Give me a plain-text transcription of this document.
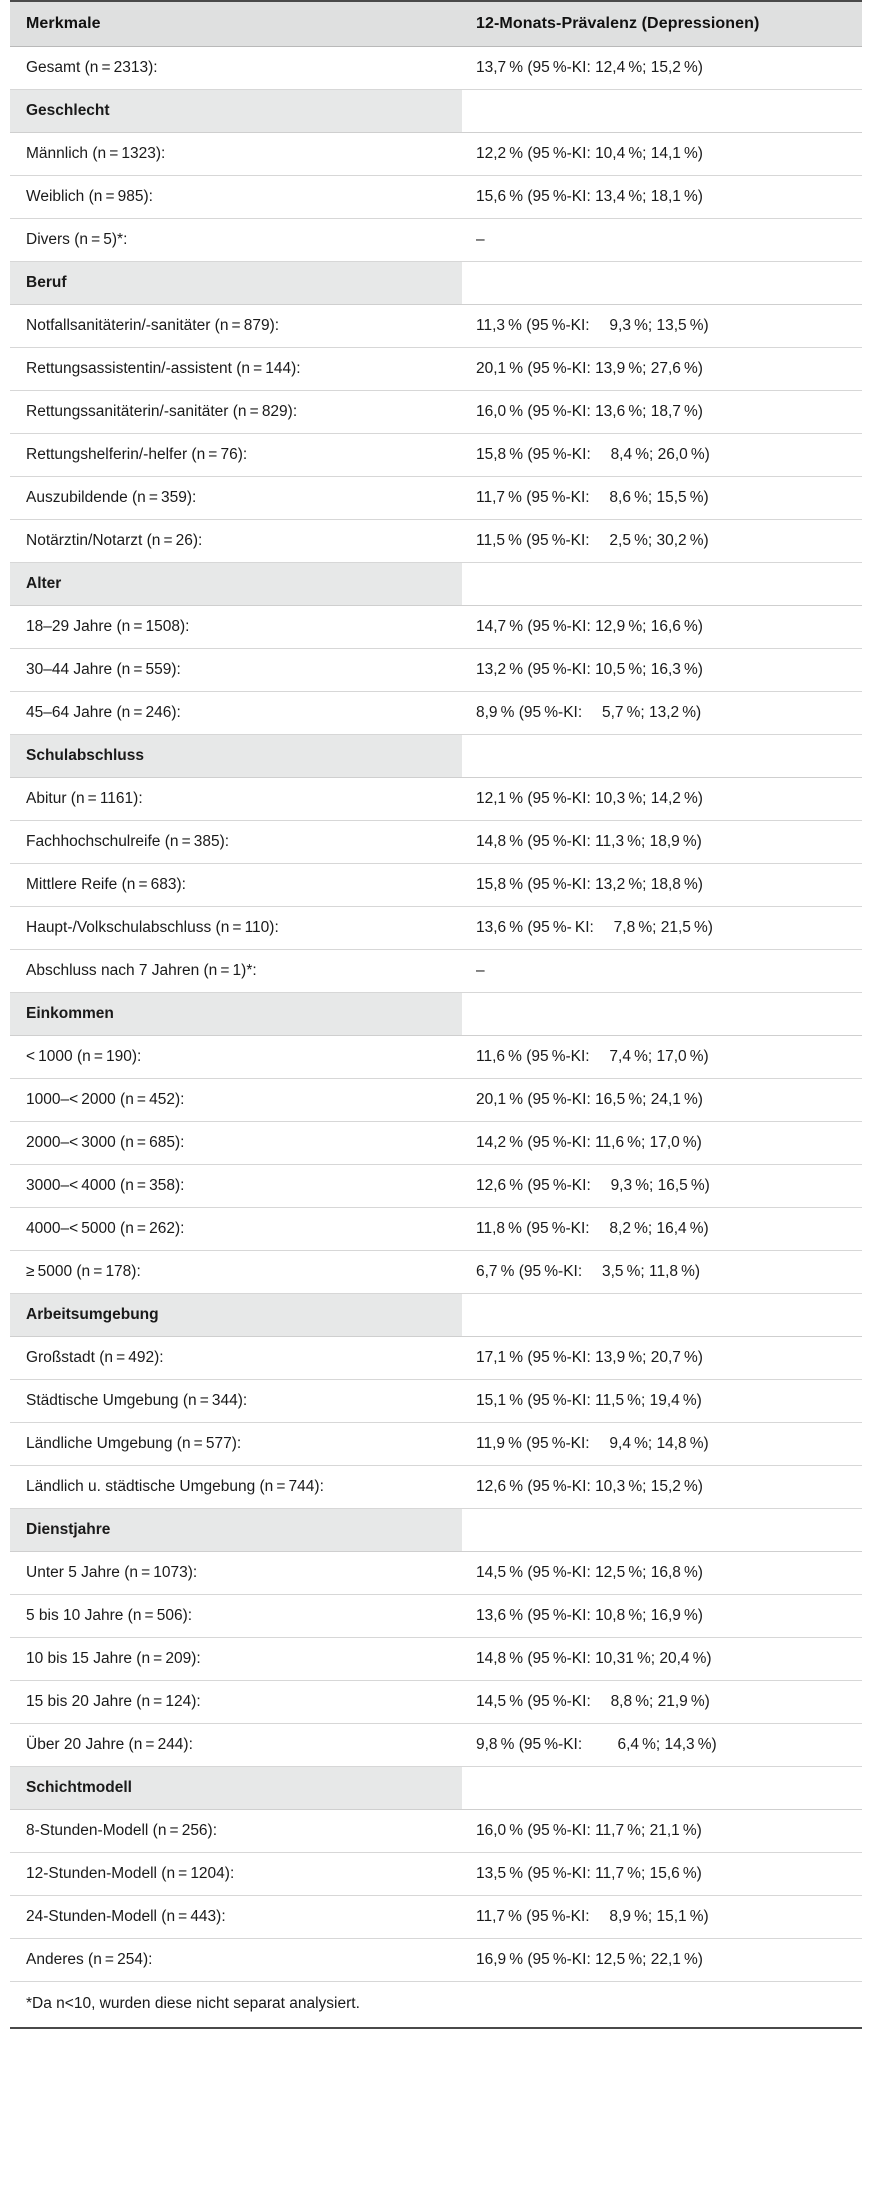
Merkmale	12-Monats-Prävalenz (Depressionen)
Gesamt (n = 2313):	13,7 % (95 %-KI: 12,4 %; 15,2 %)
Geschlecht	
Männlich (n = 1323):	12,2 % (95 %-KI: 10,4 %; 14,1 %)
Weiblich (n = 985):	15,6 % (95 %-KI: 13,4 %; 18,1 %)
Divers (n = 5)*:	–
Beruf	
Notfallsanitäterin/-sanitäter (n = 879):	11,3 % (95 %-KI:  9,3 %; 13,5 %)
Rettungsassistentin/-assistent (n = 144):	20,1 % (95 %-KI: 13,9 %; 27,6 %)
Rettungssanitäterin/-sanitäter (n = 829):	16,0 % (95 %-KI: 13,6 %; 18,7 %)
Rettungshelferin/-helfer (n = 76):	15,8 % (95 %-KI:  8,4 %; 26,0 %)
Auszubildende (n = 359):	11,7 % (95 %-KI:  8,6 %; 15,5 %)
Notärztin/Notarzt (n = 26):	11,5 % (95 %-KI:  2,5 %; 30,2 %)
Alter	
18–29 Jahre (n = 1508):	14,7 % (95 %-KI: 12,9 %; 16,6 %)
30–44 Jahre (n = 559):	13,2 % (95 %-KI: 10,5 %; 16,3 %)
45–64 Jahre (n = 246):	8,9 % (95 %-KI:  5,7 %; 13,2 %)
Schulabschluss	
Abitur (n = 1161):	12,1 % (95 %-KI: 10,3 %; 14,2 %)
Fachhochschulreife (n = 385):	14,8 % (95 %-KI: 11,3 %; 18,9 %)
Mittlere Reife (n = 683):	15,8 % (95 %-KI: 13,2 %; 18,8 %)
Haupt-/Volkschulabschluss (n = 110):	13,6 % (95 %- KI:  7,8 %; 21,5 %)
Abschluss nach 7 Jahren (n = 1)*:	–
Einkommen	
< 1000 (n = 190):	11,6 % (95 %-KI:  7,4 %; 17,0 %)
1000–< 2000 (n = 452):	20,1 % (95 %-KI: 16,5 %; 24,1 %)
2000–< 3000 (n = 685):	14,2 % (95 %-KI: 11,6 %; 17,0 %)
3000–< 4000 (n = 358):	12,6 % (95 %-KI:  9,3 %; 16,5 %)
4000–< 5000 (n = 262):	11,8 % (95 %-KI:  8,2 %; 16,4 %)
≥ 5000 (n = 178):	6,7 % (95 %-KI:  3,5 %; 11,8 %)
Arbeitsumgebung	
Großstadt (n = 492):	17,1 % (95 %-KI: 13,9 %; 20,7 %)
Städtische Umgebung (n = 344):	15,1 % (95 %-KI: 11,5 %; 19,4 %)
Ländliche Umgebung (n = 577):	11,9 % (95 %-KI:  9,4 %; 14,8 %)
Ländlich u. städtische Umgebung (n = 744):	12,6 % (95 %-KI: 10,3 %; 15,2 %)
Dienstjahre	
Unter 5 Jahre (n = 1073):	14,5 % (95 %-KI: 12,5 %; 16,8 %)
5 bis 10 Jahre (n = 506):	13,6 % (95 %-KI: 10,8 %; 16,9 %)
10 bis 15 Jahre (n = 209):	14,8 % (95 %-KI: 10,31 %; 20,4 %)
15 bis 20 Jahre (n = 124):	14,5 % (95 %-KI:  8,8 %; 21,9 %)
Über 20 Jahre (n = 244):	9,8 % (95 %-KI:   6,4 %; 14,3 %)
Schichtmodell	
8-Stunden-Modell (n = 256):	16,0 % (95 %-KI: 11,7 %; 21,1 %)
12-Stunden-Modell (n = 1204):	13,5 % (95 %-KI: 11,7 %; 15,6 %)
24-Stunden-Modell (n = 443):	11,7 % (95 %-KI:  8,9 %; 15,1 %)
Anderes (n = 254):	16,9 % (95 %-KI: 12,5 %; 22,1 %)
*Da n<10, wurden diese nicht separat analysiert.
